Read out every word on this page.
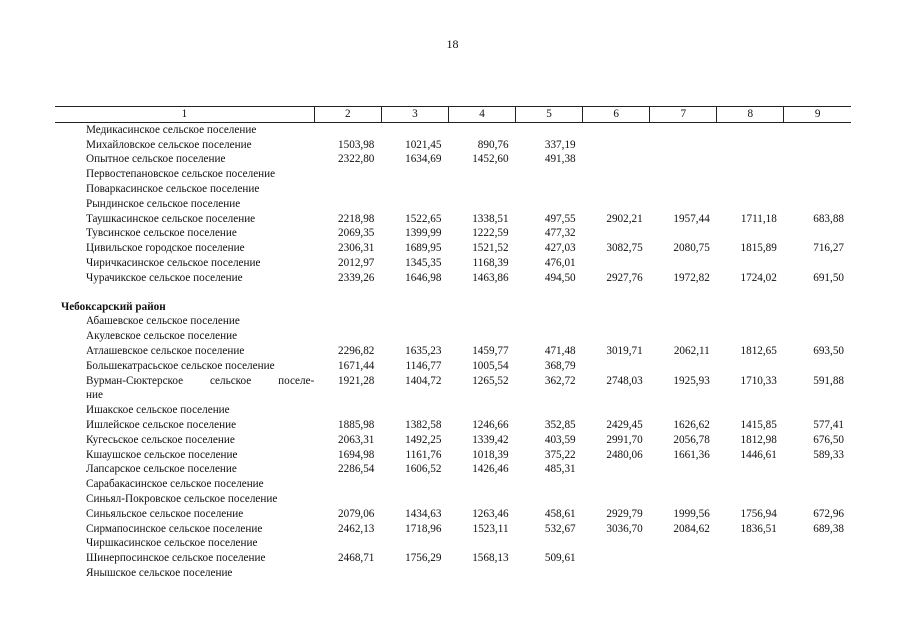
18
1	2	3	4	5	6	7	8	9
Медикасинское сельское поселение								
Михайловское сельское поселение	1503,98	1021,45	890,76	337,19				
Опытное сельское поселение	2322,80	1634,69	1452,60	491,38				
Первостепановское сельское поселение								
Поваркасинское сельское поселение								
Рындинское сельское поселение								
Таушкасинское сельское поселение	2218,98	1522,65	1338,51	497,55	2902,21	1957,44	1711,18	683,88
Тувсинское сельское поселение	2069,35	1399,99	1222,59	477,32				
Цивильское городское поселение	2306,31	1689,95	1521,52	427,03	3082,75	2080,75	1815,89	716,27
Чиричкасинское сельское поселение	2012,97	1345,35	1168,39	476,01				
Чурачикское сельское поселение	2339,26	1646,98	1463,86	494,50	2927,76	1972,82	1724,02	691,50

Чебоксарский район								
Абашевское сельское поселение								
Акулевское сельское поселение								
Атлашевское сельское поселение	2296,82	1635,23	1459,77	471,48	3019,71	2062,11	1812,65	693,50
Большекатрасьское сельское поселение	1671,44	1146,77	1005,54	368,79				
Вурман-Сюктерское сельское поселе-	1921,28	1404,72	1265,52	362,72	2748,03	1925,93	1710,33	591,88
ние								
Ишакское сельское поселение								
Ишлейское сельское поселение	1885,98	1382,58	1246,66	352,85	2429,45	1626,62	1415,85	577,41
Кугесьское сельское поселение	2063,31	1492,25	1339,42	403,59	2991,70	2056,78	1812,98	676,50
Кшаушское сельское поселение	1694,98	1161,76	1018,39	375,22	2480,06	1661,36	1446,61	589,33
Лапсарское сельское поселение	2286,54	1606,52	1426,46	485,31				
Сарабакасинское сельское поселение								
Синьял-Покровское сельское поселение								
Синьяльское сельское поселение	2079,06	1434,63	1263,46	458,61	2929,79	1999,56	1756,94	672,96
Сирмапосинское сельское поселение	2462,13	1718,96	1523,11	532,67	3036,70	2084,62	1836,51	689,38
Чиршкасинское сельское поселение								
Шинерпосинское сельское поселение	2468,71	1756,29	1568,13	509,61				
Янышское сельское поселение								
